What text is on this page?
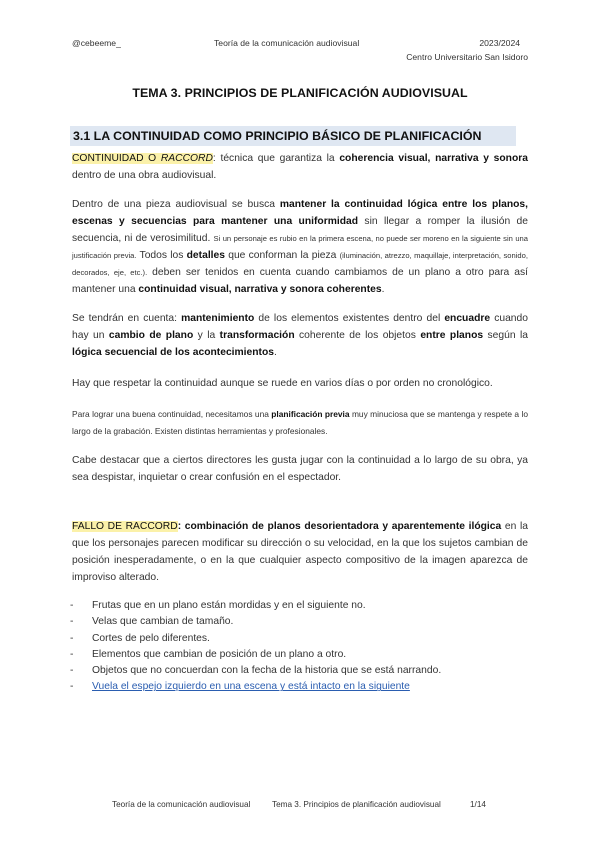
@cebeeme_	Teoría de la comunicación audiovisual	2023/2024
Centro Universitario San Isidoro
TEMA 3. PRINCIPIOS DE PLANIFICACIÓN AUDIOVISUAL
3.1 LA CONTINUIDAD COMO PRINCIPIO BÁSICO DE PLANIFICACIÓN
CONTINUIDAD O RACCORD: técnica que garantiza la coherencia visual, narrativa y sonora dentro de una obra audiovisual.
Dentro de una pieza audiovisual se busca mantener la continuidad lógica entre los planos, escenas y secuencias para mantener una uniformidad sin llegar a romper la ilusión de secuencia, ni de verosimilitud. Si un personaje es rubio en la primera escena, no puede ser moreno en la siguiente sin una justificación previa. Todos los detalles que conforman la pieza (iluminación, atrezzo, maquillaje, interpretación, sonido, decorados, eje, etc.). deben ser tenidos en cuenta cuando cambiamos de un plano a otro para así mantener una continuidad visual, narrativa y sonora coherentes.
Se tendrán en cuenta: mantenimiento de los elementos existentes dentro del encuadre cuando hay un cambio de plano y la transformación coherente de los objetos entre planos según la lógica secuencial de los acontecimientos.
Hay que respetar la continuidad aunque se ruede en varios días o por orden no cronológico.
Para lograr una buena continuidad, necesitamos una planificación previa muy minuciosa que se mantenga y respete a lo largo de la grabación. Existen distintas herramientas y profesionales.
Cabe destacar que a ciertos directores les gusta jugar con la continuidad a lo largo de su obra, ya sea despistar, inquietar o crear confusión en el espectador.
FALLO DE RACCORD: combinación de planos desorientadora y aparentemente ilógica en la que los personajes parecen modificar su dirección o su velocidad, en la que los sujetos cambian de posición inesperadamente, o en la que cualquier aspecto compositivo de la imagen aparezca de improviso alterado.
- Frutas que en un plano están mordidas y en el siguiente no.
- Velas que cambian de tamaño.
- Cortes de pelo diferentes.
- Elementos que cambian de posición de un plano a otro.
- Objetos que no concuerdan con la fecha de la historia que se está narrando.
- Vuela el espejo izquierdo en una escena y está intacto en la siguiente
Teoría de la comunicación audiovisual	Tema 3. Principios de planificación audiovisual	1/14
